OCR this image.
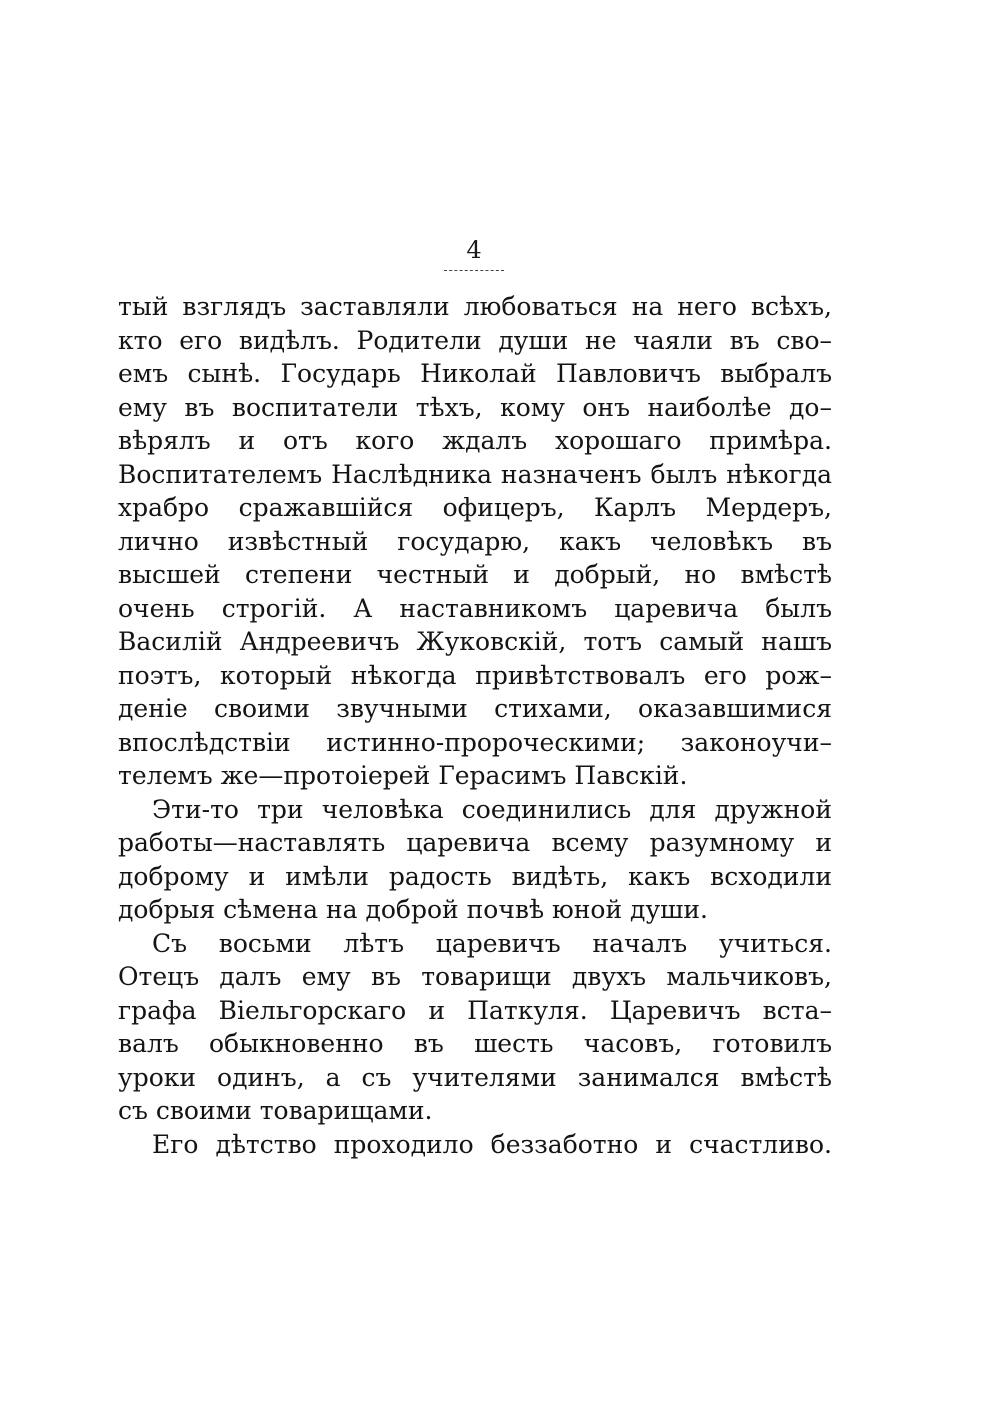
4
тый взглядъ заставляли любоваться на него всѣхъ,
кто его видѣлъ. Родители души не чаяли въ сво–
емъ сынѣ. Государь Николай Павловичъ выбралъ
ему въ воспитатели тѣхъ, кому онъ наиболѣе до–
вѣрялъ и отъ кого ждалъ хорошаго примѣра.
Воспитателемъ Наслѣдника назначенъ былъ нѣкогда
храбро сражавшійся офицеръ, Карлъ Мердеръ,
лично извѣстный государю, какъ человѣкъ въ
высшей степени честный и добрый, но вмѣстѣ
очень строгій. А наставникомъ царевича былъ
Василій Андреевичъ Жуковскій, тотъ самый нашъ
поэтъ, который нѣкогда привѣтствовалъ его рож–
деніе своими звучными стихами, оказавшимися
впослѣдствіи истинно-пророческими; законоучи–
телемъ же—протоіерей Герасимъ Павскій.
Эти-то три человѣка соединились для дружной
работы—наставлять царевича всему разумному и
доброму и имѣли радость видѣть, какъ всходили
добрыя сѣмена на доброй почвѣ юной души.
Съ восьми лѣтъ царевичъ началъ учиться.
Отецъ далъ ему въ товарищи двухъ мальчиковъ,
графа Віельгорскаго и Паткуля. Царевичъ вста–
валъ обыкновенно въ шесть часовъ, готовилъ
уроки одинъ, а съ учителями занимался вмѣстѣ
съ своими товарищами.
Его дѣтство проходило беззаботно и счастливо.
